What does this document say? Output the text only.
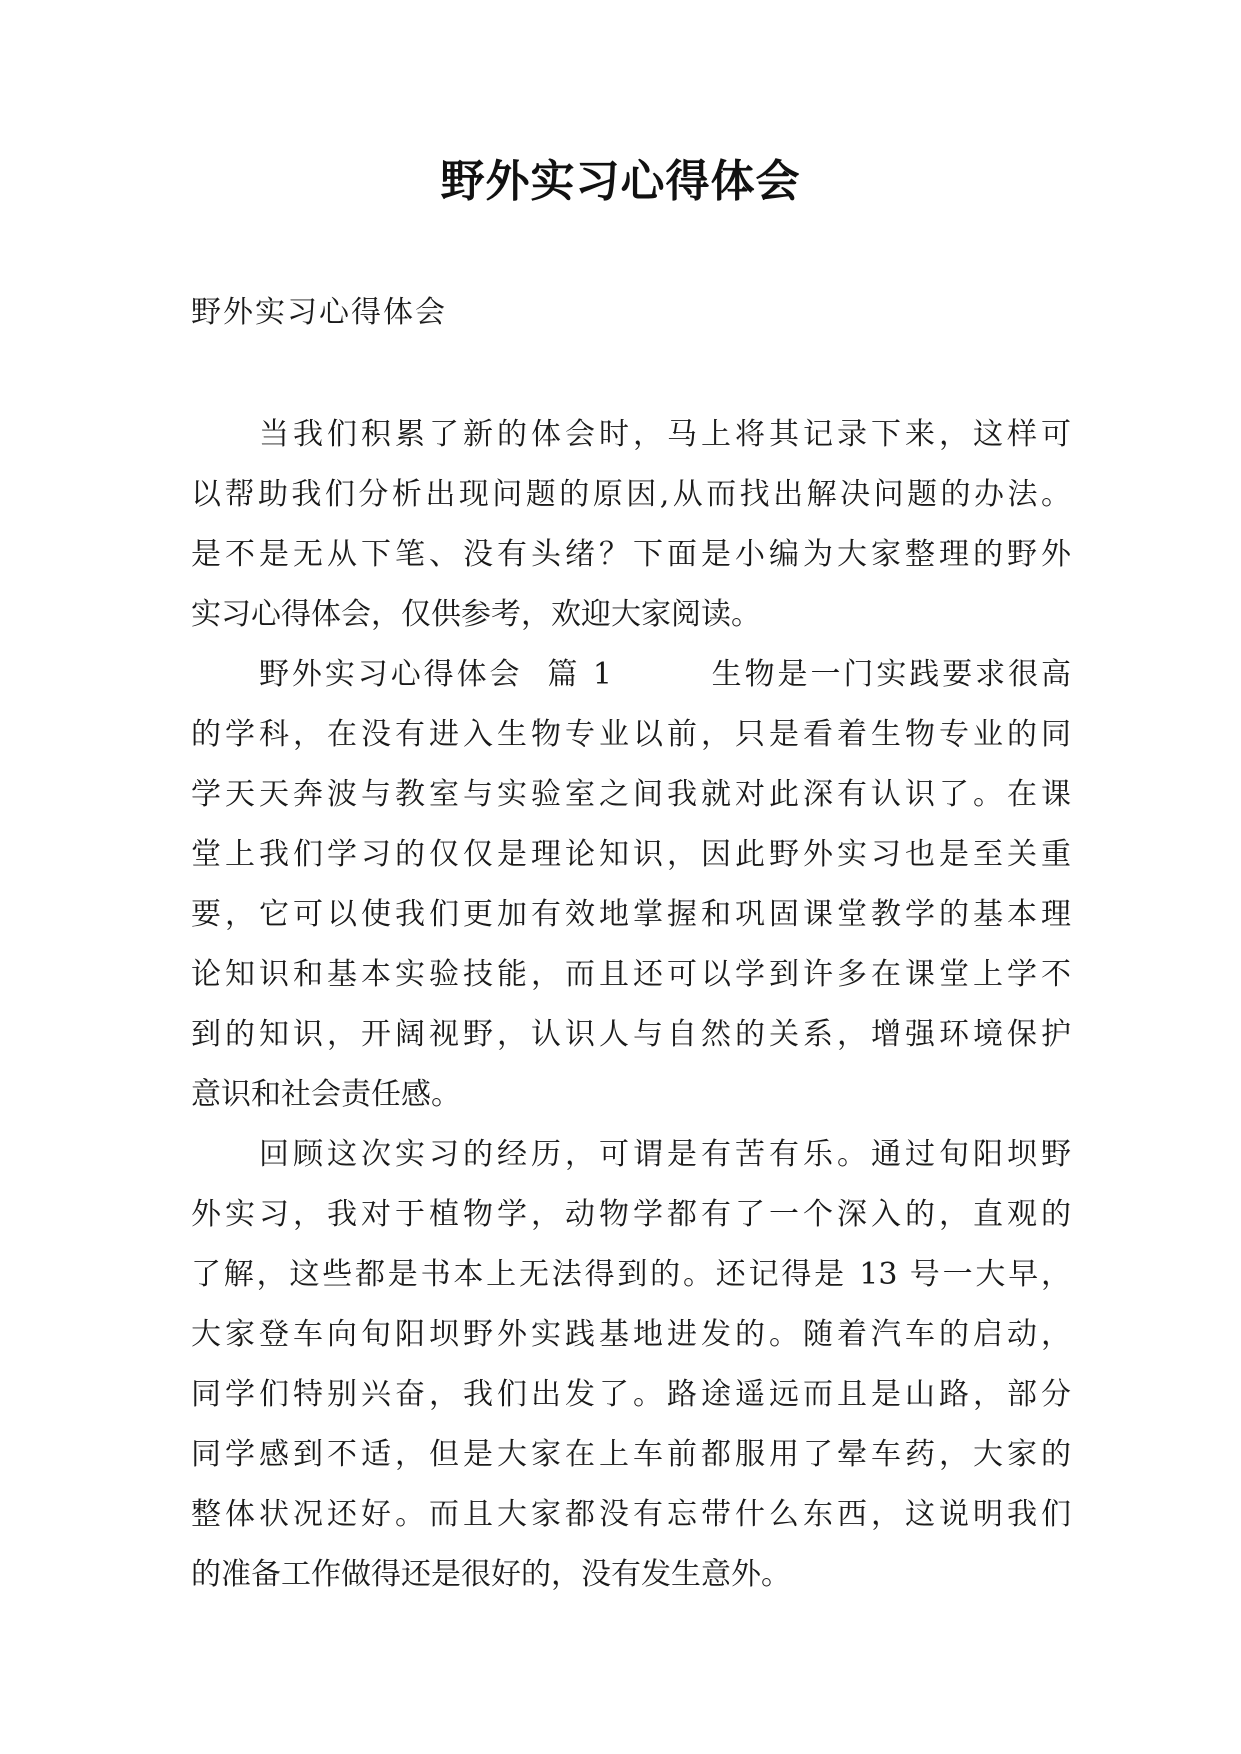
野外实习心得体会
野外实习心得体会
当我们积累了新的体会时，马上将其记录下来，这样可
以帮助我们分析出现问题的原因,从而找出解决问题的办法。
是不是无从下笔、没有头绪？下面是小编为大家整理的野外
实习心得体会，仅供参考，欢迎大家阅读。
野外实习心得体会  篇 1        生物是一门实践要求很高
的学科，在没有进入生物专业以前，只是看着生物专业的同
学天天奔波与教室与实验室之间我就对此深有认识了。在课
堂上我们学习的仅仅是理论知识，因此野外实习也是至关重
要，它可以使我们更加有效地掌握和巩固课堂教学的基本理
论知识和基本实验技能，而且还可以学到许多在课堂上学不
到的知识，开阔视野，认识人与自然的关系，增强环境保护
意识和社会责任感。
回顾这次实习的经历，可谓是有苦有乐。通过旬阳坝野
外实习，我对于植物学，动物学都有了一个深入的，直观的
了解，这些都是书本上无法得到的。还记得是 13 号一大早，
大家登车向旬阳坝野外实践基地进发的。随着汽车的启动，
同学们特别兴奋，我们出发了。路途遥远而且是山路，部分
同学感到不适，但是大家在上车前都服用了晕车药，大家的
整体状况还好。而且大家都没有忘带什么东西，这说明我们
的准备工作做得还是很好的，没有发生意外。
